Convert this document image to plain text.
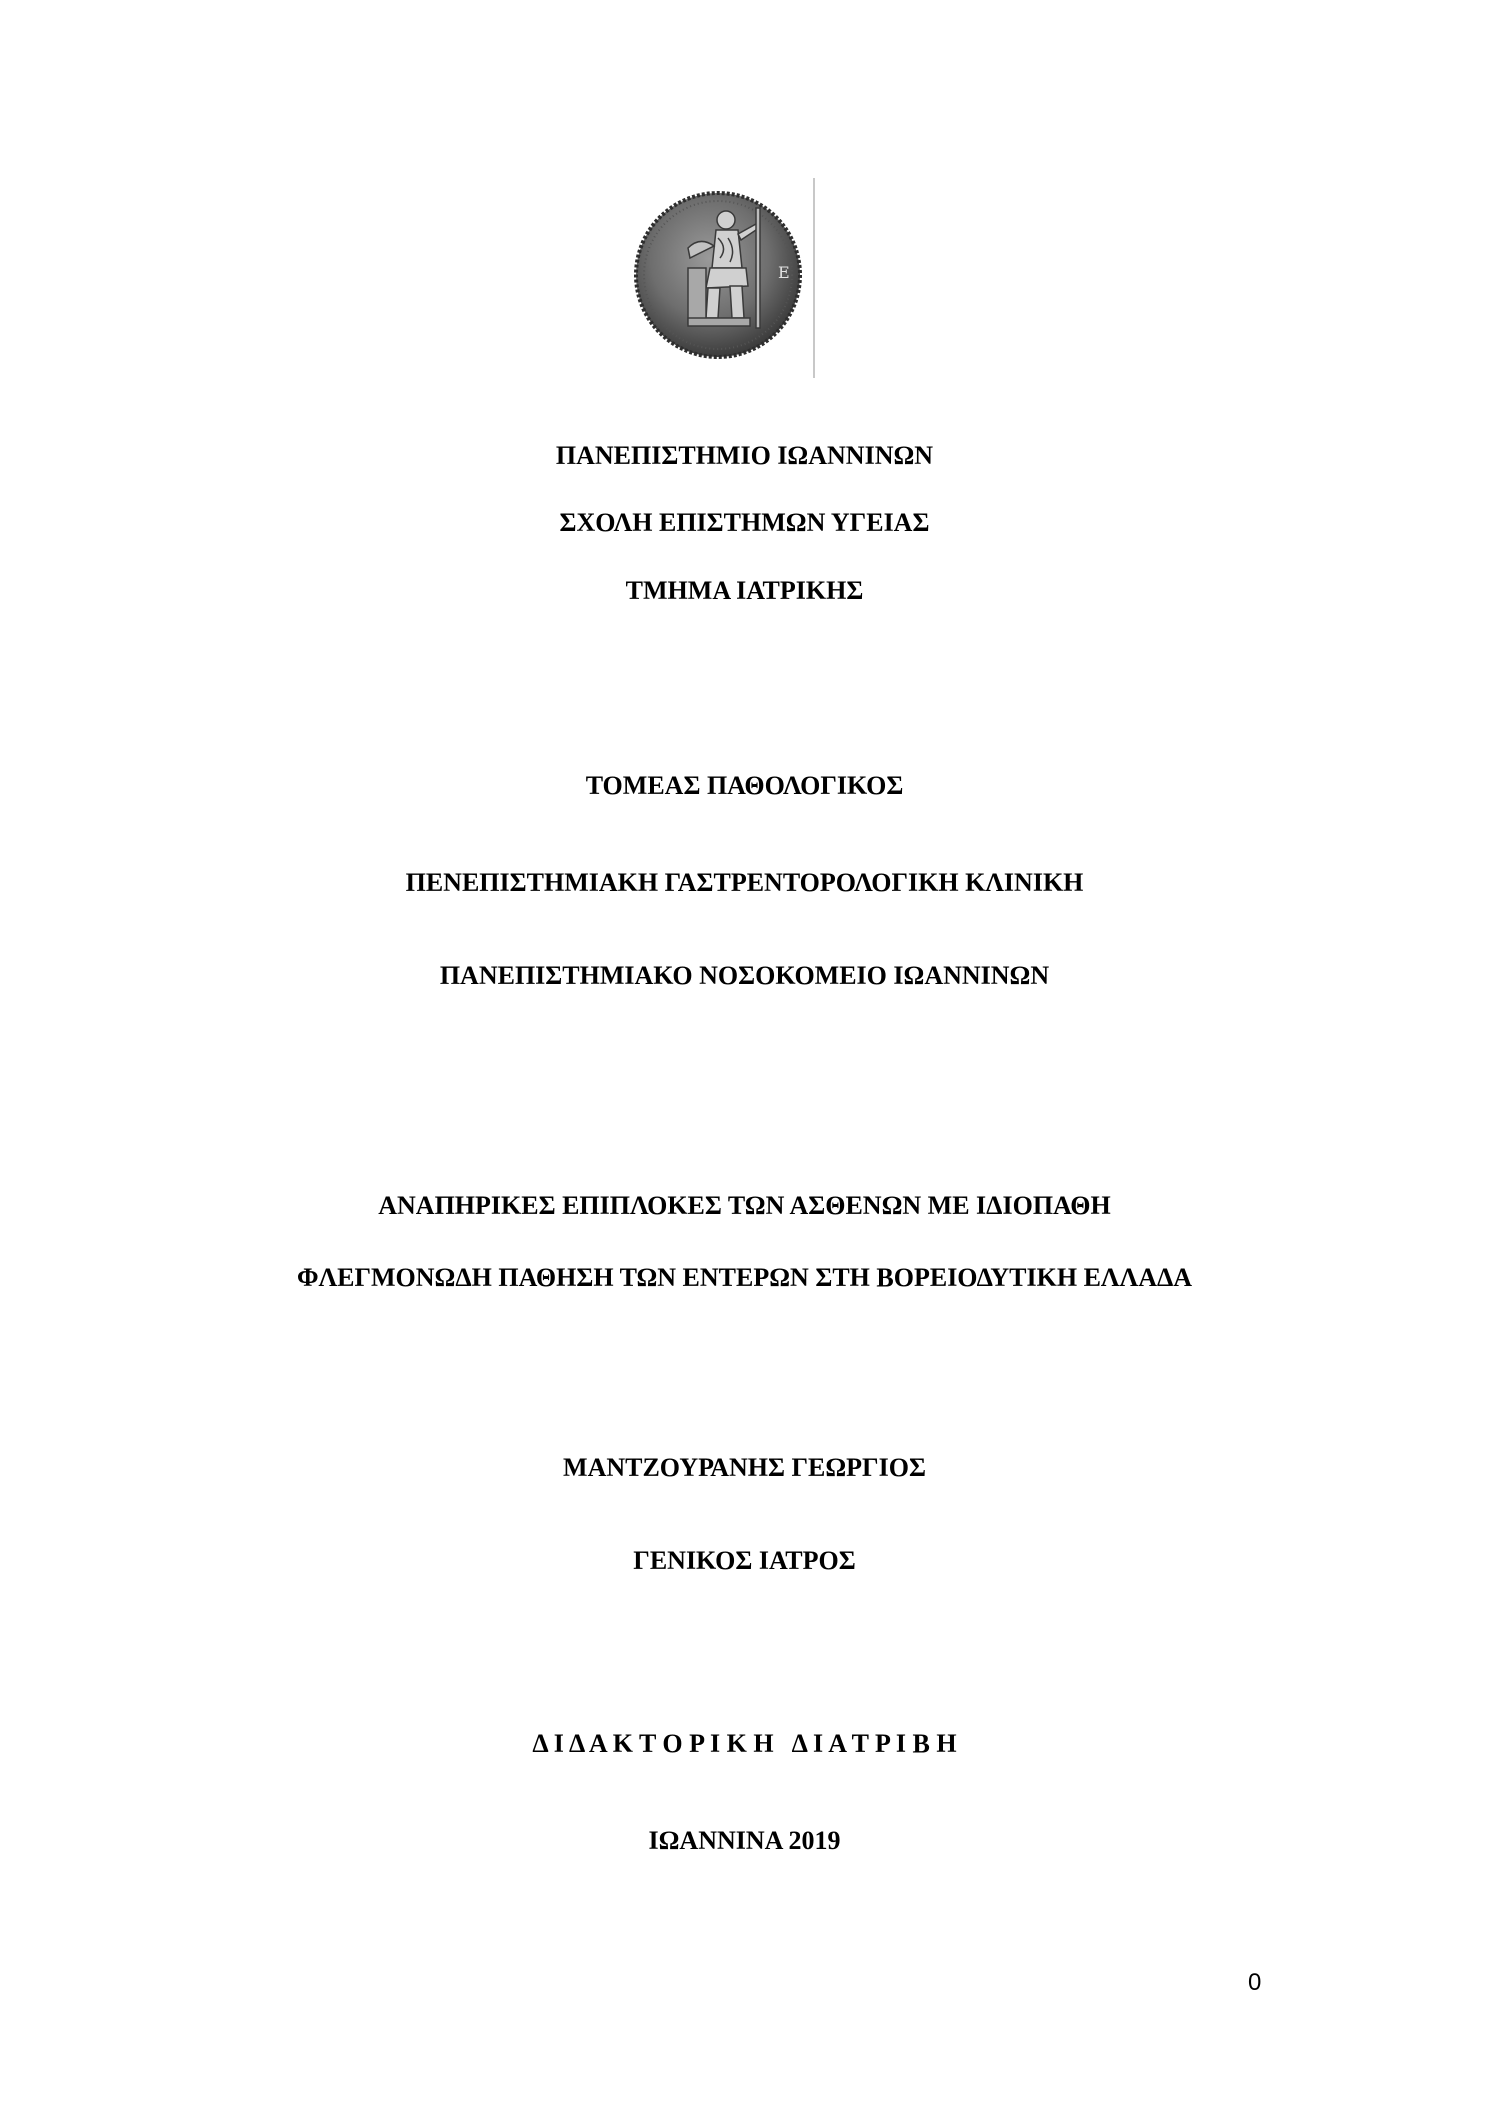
E
ΠΑΝΕΠΙΣΤΗΜΙΟ ΙΩΑΝΝΙΝΩΝ
ΣΧΟΛΗ ΕΠΙΣΤΗΜΩΝ ΥΓΕΙΑΣ
ΤΜΗΜΑ ΙΑΤΡΙΚΗΣ
ΤΟΜΕΑΣ ΠΑΘΟΛΟΓΙΚΟΣ
ΠΕΝΕΠΙΣΤΗΜΙΑΚΗ ΓΑΣΤΡΕΝΤΟΡΟΛΟΓΙΚΗ ΚΛΙΝΙΚΗ
ΠΑΝΕΠΙΣΤΗΜΙΑΚΟ ΝΟΣΟΚΟΜΕΙΟ ΙΩΑΝΝΙΝΩΝ
ΑΝΑΠΗΡΙΚΕΣ ΕΠΙΠΛΟΚΕΣ ΤΩΝ ΑΣΘΕΝΩΝ ΜΕ ΙΔΙΟΠΑΘΗ
ΦΛΕΓΜΟΝΩΔΗ ΠΑΘΗΣΗ ΤΩΝ ΕΝΤΕΡΩΝ ΣΤΗ ΒΟΡΕΙΟΔΥΤΙΚΗ ΕΛΛΑΔΑ
ΜΑΝΤΖΟΥΡΑΝΗΣ ΓΕΩΡΓΙΟΣ
ΓΕΝΙΚΟΣ ΙΑΤΡΟΣ
Δ Ι Δ Α Κ Τ Ο Ρ Ι Κ Η   Δ Ι Α Τ Ρ Ι Β Η
ΙΩΑΝΝΙΝΑ 2019
0
